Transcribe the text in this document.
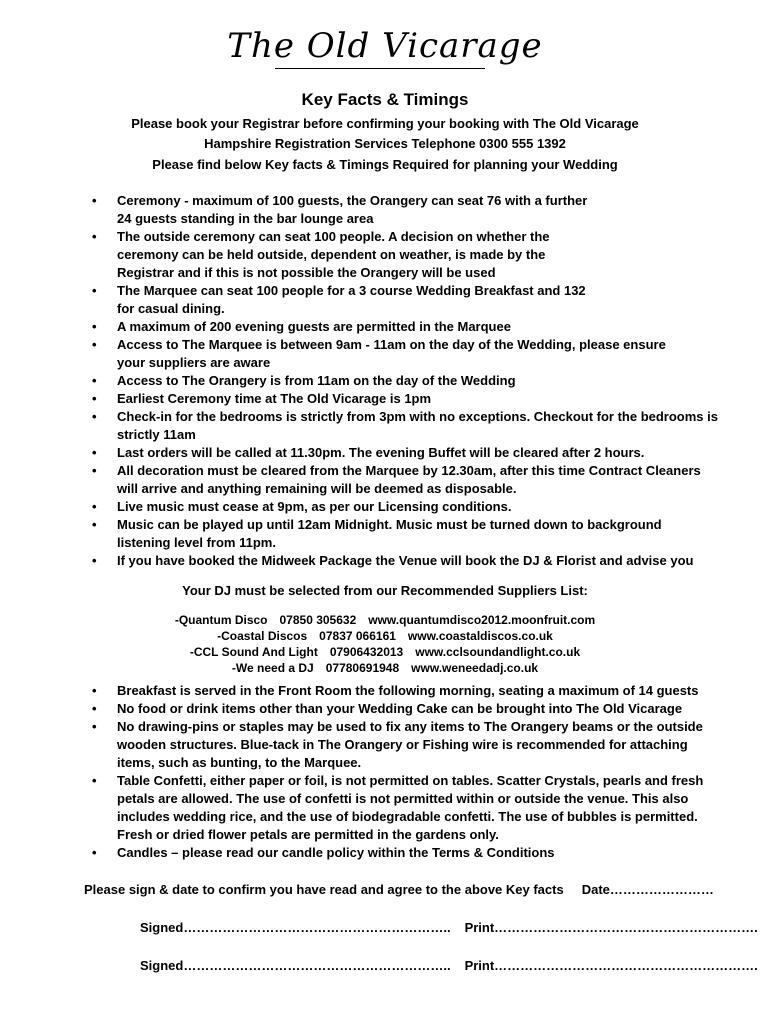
The Old Vicarage
Key Facts & Timings
Please book your Registrar before confirming your booking with The Old Vicarage
Hampshire Registration Services Telephone 0300 555 1392
Please find below Key facts & Timings Required for planning your Wedding
• Ceremony - maximum of 100 guests, the Orangery can seat 76 with a further
24 guests standing in the bar lounge area
• The outside ceremony can seat 100 people. A decision on whether the
ceremony can be held outside, dependent on weather, is made by the
Registrar and if this is not possible the Orangery will be used
• The Marquee can seat 100 people for a 3 course Wedding Breakfast and 132
for casual dining.
• A maximum of 200 evening guests are permitted in the Marquee
• Access to The Marquee is between 9am - 11am on the day of the Wedding, please ensure
your suppliers are aware
• Access to The Orangery is from 11am on the day of the Wedding
• Earliest Ceremony time at The Old Vicarage is 1pm
• Check-in for the bedrooms is strictly from 3pm with no exceptions. Checkout for the bedrooms is
strictly 11am
• Last orders will be called at 11.30pm. The evening Buffet will be cleared after 2 hours.
• All decoration must be cleared from the Marquee by 12.30am, after this time Contract Cleaners
will arrive and anything remaining will be deemed as disposable.
• Live music must cease at 9pm, as per our Licensing conditions.
• Music can be played up until 12am Midnight. Music must be turned down to background
listening level from 11pm.
• If you have booked the Midweek Package the Venue will book the DJ & Florist and advise you
Your DJ must be selected from our Recommended Suppliers List:
-Quantum Disco 07850 305632 www.quantumdisco2012.moonfruit.com
-Coastal Discos 07837 066161 www.coastaldiscos.co.uk
-CCL Sound And Light 07906432013 www.cclsoundandlight.co.uk
-We need a DJ 07780691948 www.weneedadj.co.uk
• Breakfast is served in the Front Room the following morning, seating a maximum of 14 guests
• No food or drink items other than your Wedding Cake can be brought into The Old Vicarage
• No drawing-pins or staples may be used to fix any items to The Orangery beams or the outside
wooden structures. Blue-tack in The Orangery or Fishing wire is recommended for attaching
items, such as bunting, to the Marquee.
• Table Confetti, either paper or foil, is not permitted on tables. Scatter Crystals, pearls and fresh
petals are allowed. The use of confetti is not permitted within or outside the venue. This also
includes wedding rice, and the use of biodegradable confetti. The use of bubbles is permitted.
Fresh or dried flower petals are permitted in the gardens only.
• Candles – please read our candle policy within the Terms & Conditions
Please sign & date to confirm you have read and agree to the above Key facts Date……………………
Signed…………………………………………………….. Print…………………………………………………….
Signed…………………………………………………….. Print…………………………………………………….
